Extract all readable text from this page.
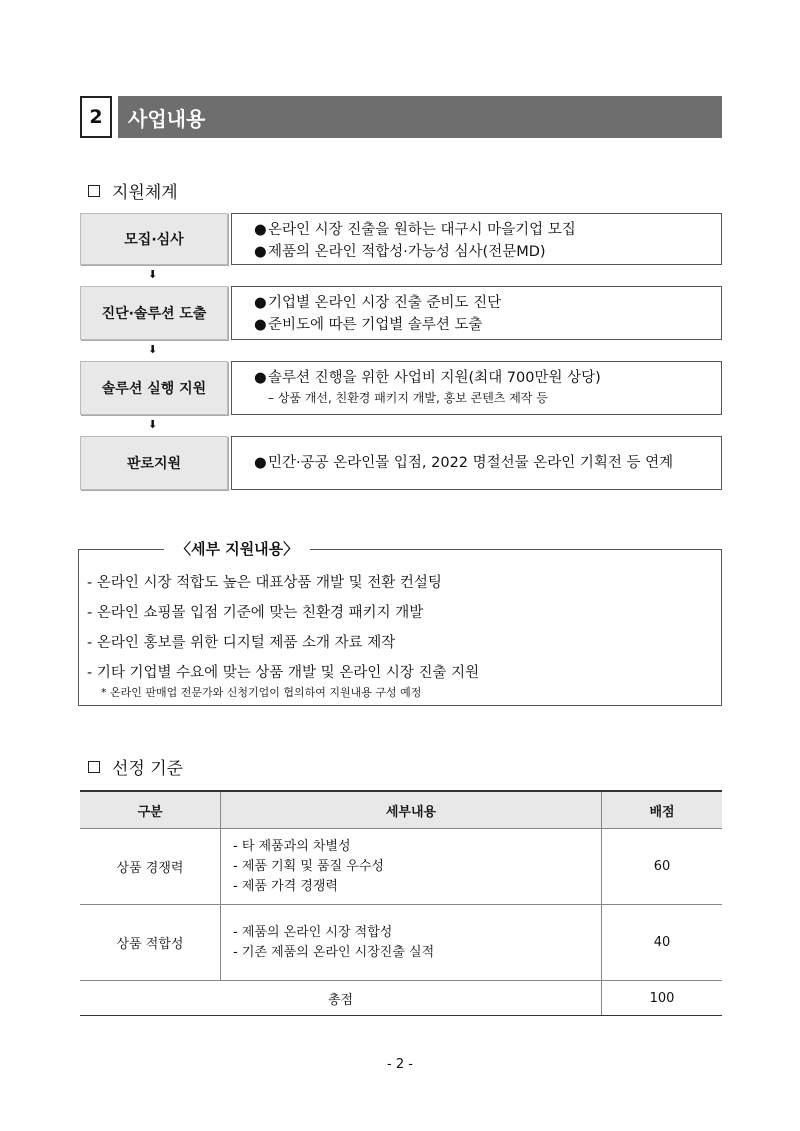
2	사업내용
지원체계
모집·심사
● 온라인 시장 진출을 원하는 대구시 마을기업 모집
● 제품의 온라인 적합성·가능성 심사(전문MD)
⬇
진단·솔루션 도출
● 기업별 온라인 시장 진출 준비도 진단
● 준비도에 따른 기업별 솔루션 도출
⬇
솔루션 실행 지원
● 솔루션 진행을 위한 사업비 지원(최대 700만원 상당)
– 상품 개선, 친환경 패키지 개발, 홍보 콘텐츠 제작 등
⬇
판로지원	● 민간·공공 온라인몰 입점, 2022 명절선물 온라인 기획전 등 연계
〈세부 지원내용〉
- 온라인 시장 적합도 높은 대표상품 개발 및 전환 컨설팅
- 온라인 쇼핑몰 입점 기준에 맞는 친환경 패키지 개발
- 온라인 홍보를 위한 디지털 제품 소개 자료 제작
- 기타 기업별 수요에 맞는 상품 개발 및 온라인 시장 진출 지원
* 온라인 판매업 전문가와 신청기업이 협의하여 지원내용 구성 예정
선정 기준
구분	세부내용	배점
상품 경쟁력	- 타 제품과의 차별성
- 제품 기획 및 품질 우수성
- 제품 가격 경쟁력	60
상품 적합성	- 제품의 온라인 시장 적합성
- 기존 제품의 온라인 시장진출 실적	40
총점		100
- 2 -
